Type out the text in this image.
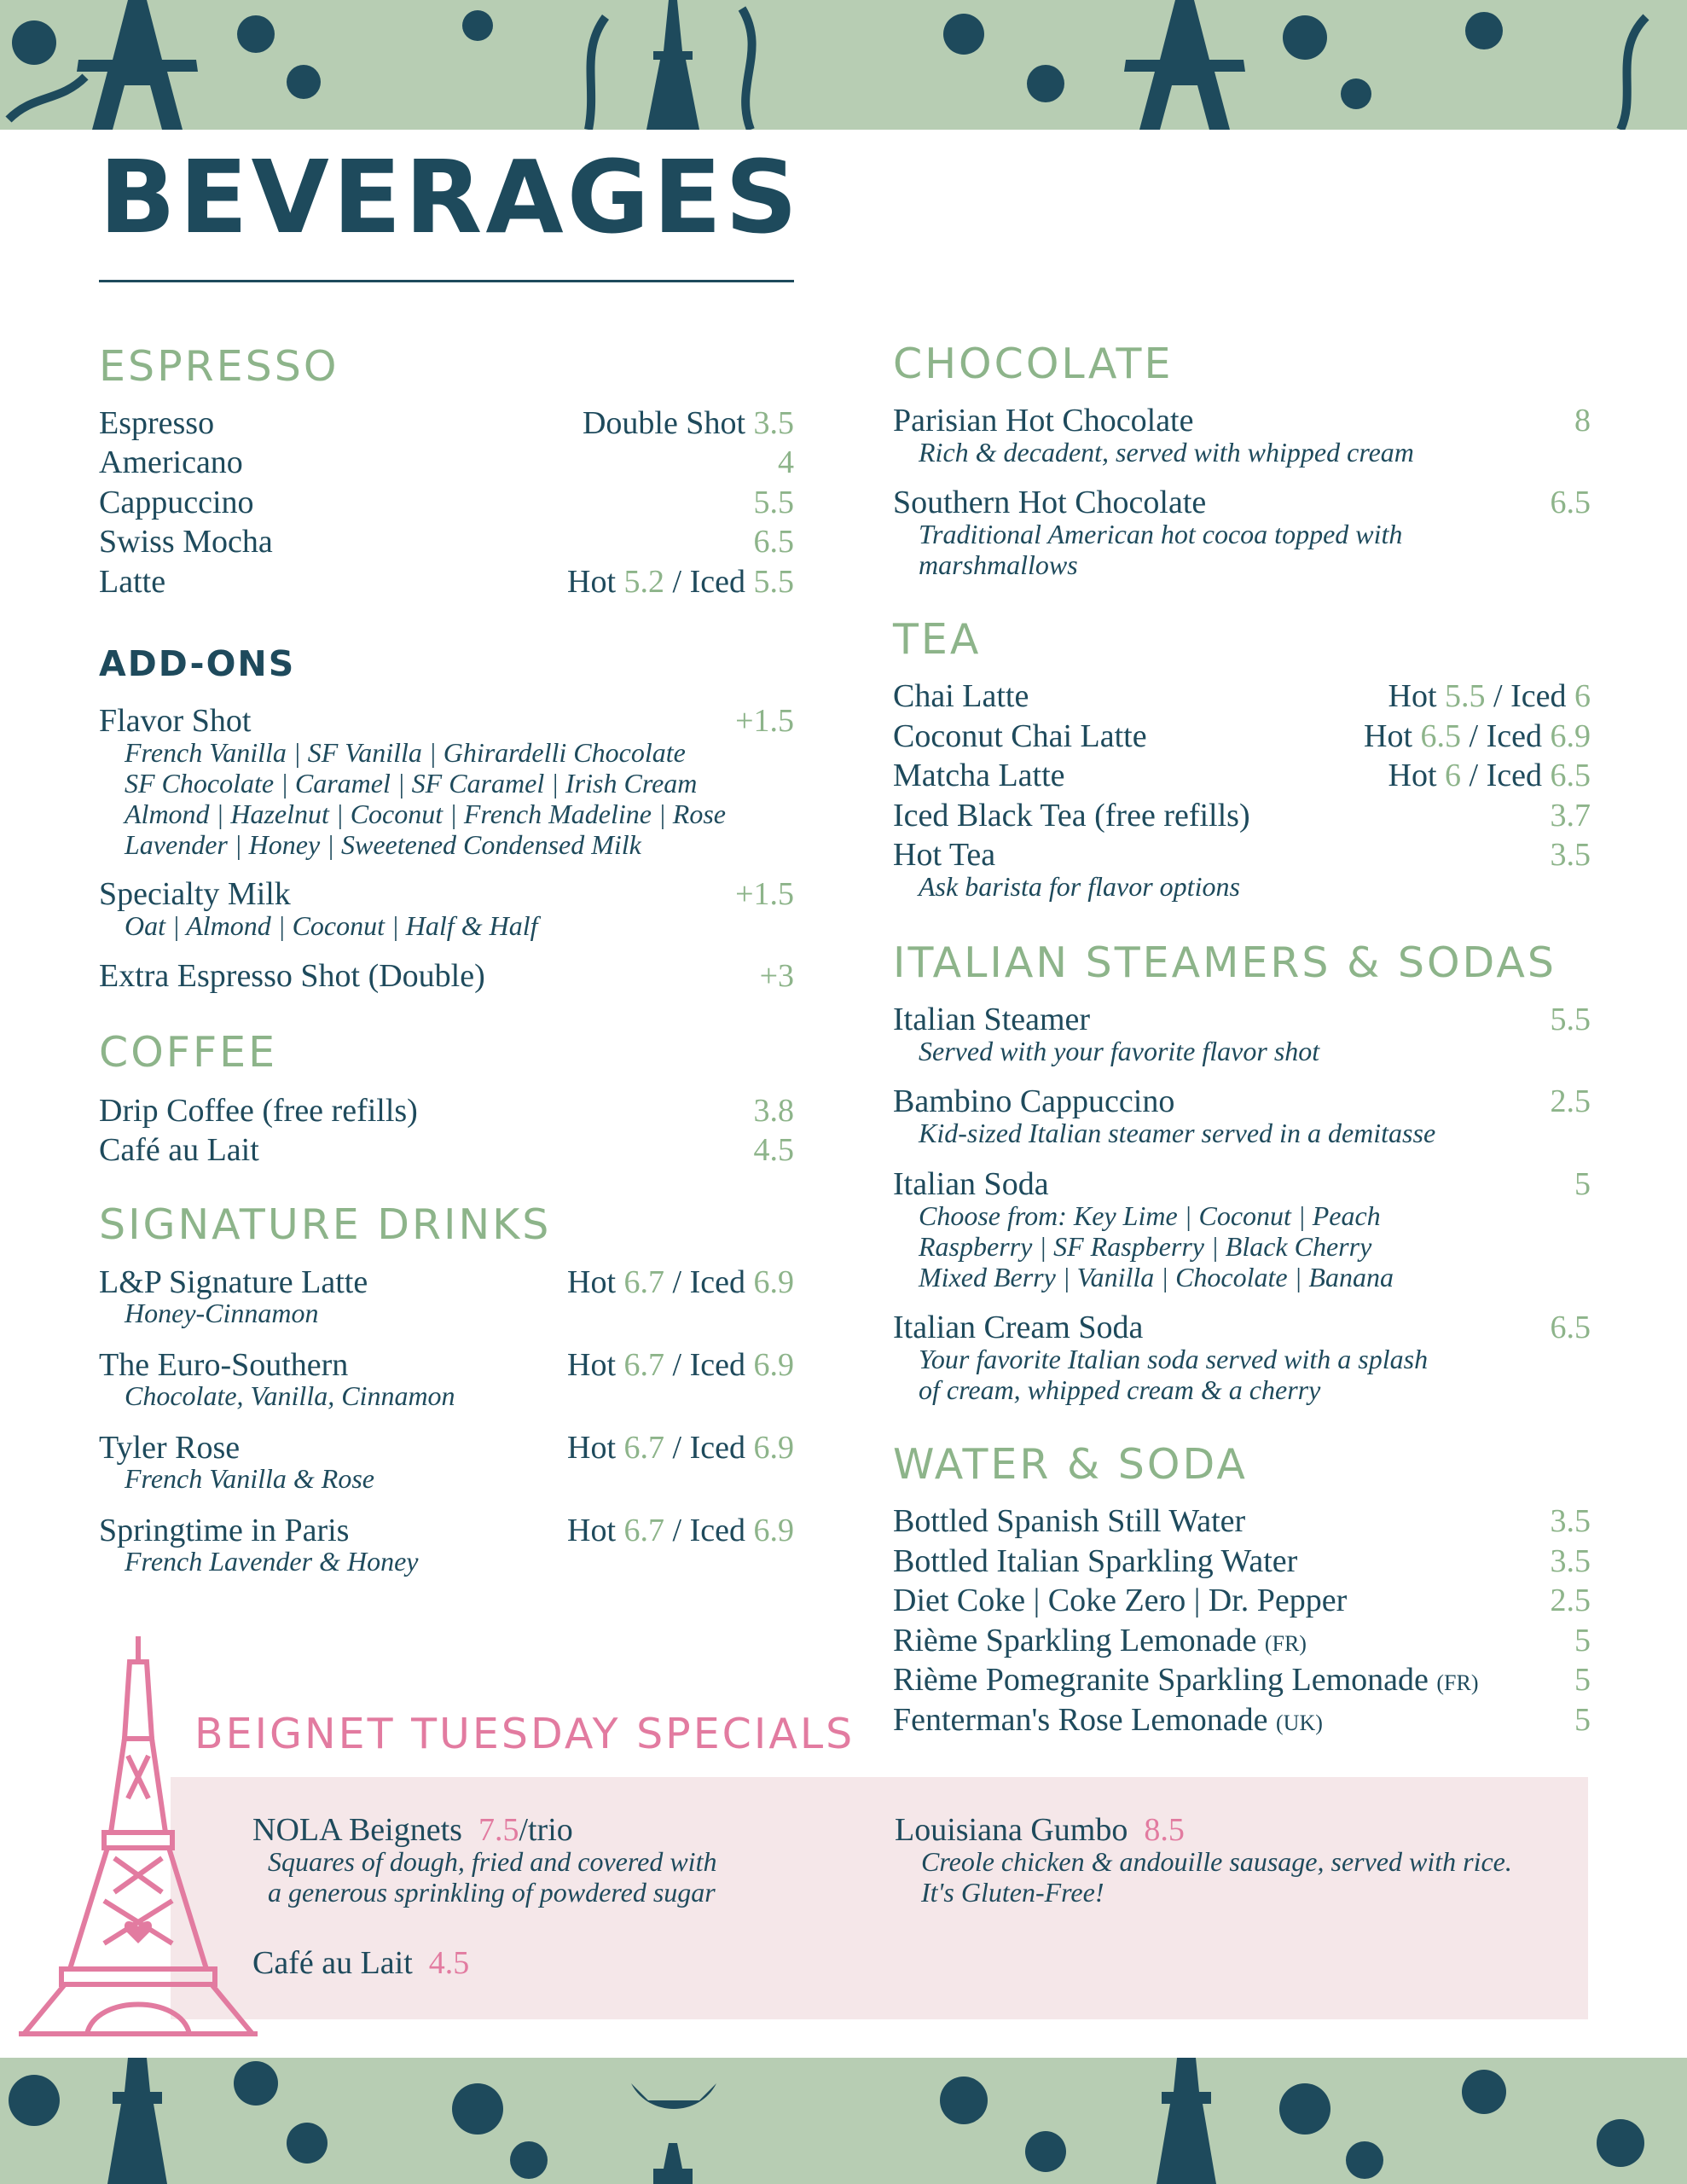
BEVERAGES
ESPRESSO
Espresso	Double Shot 3.5
Americano	4
Cappuccino	5.5
Swiss Mocha	6.5
Latte	Hot 5.2 / Iced 5.5
ADD-ONS
Flavor Shot	+1.5
French Vanilla | SF Vanilla | Ghirardelli Chocolate
SF Chocolate | Caramel | SF Caramel | Irish Cream
Almond | Hazelnut | Coconut | French Madeline | Rose
Lavender | Honey | Sweetened Condensed Milk
Specialty Milk	+1.5
Oat | Almond | Coconut | Half & Half
Extra Espresso Shot (Double)	+3
COFFEE
Drip Coffee (free refills)	3.8
Café au Lait	4.5
SIGNATURE DRINKS
L&P Signature Latte	Hot 6.7 / Iced 6.9
Honey-Cinnamon
The Euro-Southern	Hot 6.7 / Iced 6.9
Chocolate, Vanilla, Cinnamon
Tyler Rose	Hot 6.7 / Iced 6.9
French Vanilla & Rose
Springtime in Paris	Hot 6.7 / Iced 6.9
French Lavender & Honey
CHOCOLATE
Parisian Hot Chocolate	8
Rich & decadent, served with whipped cream
Southern Hot Chocolate	6.5
Traditional American hot cocoa topped with
marshmallows
TEA
Chai Latte	Hot 5.5 / Iced 6
Coconut Chai Latte	Hot 6.5 / Iced 6.9
Matcha Latte	Hot 6 / Iced 6.5
Iced Black Tea (free refills)	3.7
Hot Tea	3.5
Ask barista for flavor options
ITALIAN STEAMERS & SODAS
Italian Steamer	5.5
Served with your favorite flavor shot
Bambino Cappuccino	2.5
Kid-sized Italian steamer served in a demitasse
Italian Soda	5
Choose from: Key Lime | Coconut | Peach
Raspberry | SF Raspberry | Black Cherry
Mixed Berry | Vanilla | Chocolate | Banana
Italian Cream Soda	6.5
Your favorite Italian soda served with a splash
of cream, whipped cream & a cherry
WATER & SODA
Bottled Spanish Still Water	3.5
Bottled Italian Sparkling Water	3.5
Diet Coke | Coke Zero | Dr. Pepper	2.5
Rième Sparkling Lemonade (FR)	5
Rième Pomegranite Sparkling Lemonade (FR)	5
Fenterman's Rose Lemonade (UK)	5
BEIGNET TUESDAY SPECIALS
NOLA Beignets 7.5/trio
Squares of dough, fried and covered with
a generous sprinkling of powdered sugar
Café au Lait 4.5
Louisiana Gumbo 8.5
Creole chicken & andouille sausage, served with rice.
It's Gluten-Free!
